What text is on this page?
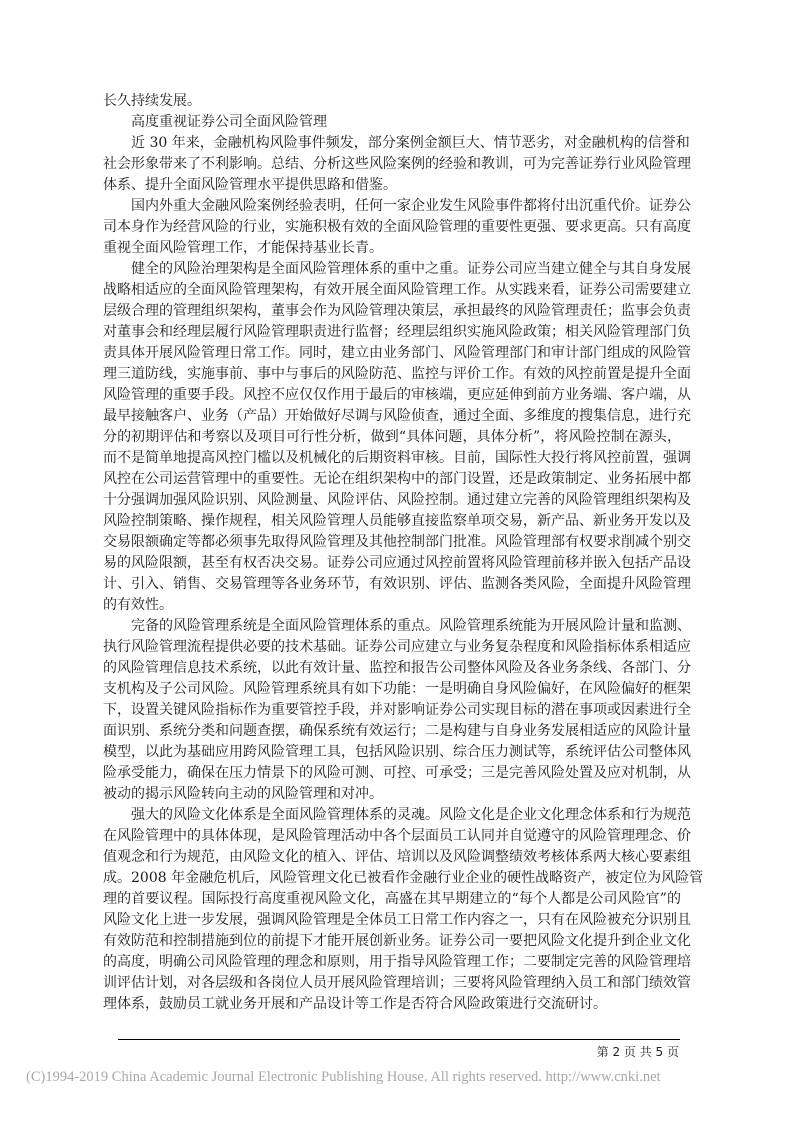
长久持续发展。
高度重视证券公司全面风险管理
近 30 年来，金融机构风险事件频发，部分案例金额巨大、情节恶劣，对金融机构的信誉和
社会形象带来了不利影响。总结、分析这些风险案例的经验和教训，可为完善证券行业风险管理
体系、提升全面风险管理水平提供思路和借鉴。
国内外重大金融风险案例经验表明，任何一家企业发生风险事件都将付出沉重代价。证券公
司本身作为经营风险的行业，实施积极有效的全面风险管理的重要性更强、要求更高。只有高度
重视全面风险管理工作，才能保持基业长青。
健全的风险治理架构是全面风险管理体系的重中之重。证券公司应当建立健全与其自身发展
战略相适应的全面风险管理架构，有效开展全面风险管理工作。从实践来看，证券公司需要建立
层级合理的管理组织架构，董事会作为风险管理决策层，承担最终的风险管理责任；监事会负责
对董事会和经理层履行风险管理职责进行监督；经理层组织实施风险政策；相关风险管理部门负
责具体开展风险管理日常工作。同时，建立由业务部门、风险管理部门和审计部门组成的风险管
理三道防线，实施事前、事中与事后的风险防范、监控与评价工作。有效的风控前置是提升全面
风险管理的重要手段。风控不应仅仅作用于最后的审核端，更应延伸到前方业务端、客户端，从
最早接触客户、业务（产品）开始做好尽调与风险侦查，通过全面、多维度的搜集信息，进行充
分的初期评估和考察以及项目可行性分析，做到“具体问题，具体分析”，将风险控制在源头，
而不是简单地提高风控门槛以及机械化的后期资料审核。目前，国际性大投行将风控前置，强调
风控在公司运营管理中的重要性。无论在组织架构中的部门设置，还是政策制定、业务拓展中都
十分强调加强风险识别、风险测量、风险评估、风险控制。通过建立完善的风险管理组织架构及
风险控制策略、操作规程，相关风险管理人员能够直接监察单项交易，新产品、新业务开发以及
交易限额确定等都必须事先取得风险管理及其他控制部门批准。风险管理部有权要求削减个别交
易的风险限额，甚至有权否决交易。证券公司应通过风控前置将风险管理前移并嵌入包括产品设
计、引入、销售、交易管理等各业务环节，有效识别、评估、监测各类风险，全面提升风险管理
的有效性。
完备的风险管理系统是全面风险管理体系的重点。风险管理系统能为开展风险计量和监测、
执行风险管理流程提供必要的技术基础。证券公司应建立与业务复杂程度和风险指标体系相适应
的风险管理信息技术系统，以此有效计量、监控和报告公司整体风险及各业务条线、各部门、分
支机构及子公司风险。风险管理系统具有如下功能：一是明确自身风险偏好，在风险偏好的框架
下，设置关键风险指标作为重要管控手段，并对影响证券公司实现目标的潜在事项或因素进行全
面识别、系统分类和问题查摆，确保系统有效运行；二是构建与自身业务发展相适应的风险计量
模型，以此为基础应用跨风险管理工具，包括风险识别、综合压力测试等，系统评估公司整体风
险承受能力，确保在压力情景下的风险可测、可控、可承受；三是完善风险处置及应对机制，从
被动的揭示风险转向主动的风险管理和对冲。
强大的风险文化体系是全面风险管理体系的灵魂。风险文化是企业文化理念体系和行为规范
在风险管理中的具体体现，是风险管理活动中各个层面员工认同并自觉遵守的风险管理理念、价
值观念和行为规范，由风险文化的植入、评估、培训以及风险调整绩效考核体系两大核心要素组
成。2008 年金融危机后，风险管理文化已被看作金融行业企业的硬性战略资产，被定位为风险管
理的首要议程。国际投行高度重视风险文化，高盛在其早期建立的“每个人都是公司风险官”的
风险文化上进一步发展，强调风险管理是全体员工日常工作内容之一，只有在风险被充分识别且
有效防范和控制措施到位的前提下才能开展创新业务。证券公司一要把风险文化提升到企业文化
的高度，明确公司风险管理的理念和原则，用于指导风险管理工作；二要制定完善的风险管理培
训评估计划，对各层级和各岗位人员开展风险管理培训；三要将风险管理纳入员工和部门绩效管
理体系，鼓励员工就业务开展和产品设计等工作是否符合风险政策进行交流研讨。
第 2 页 共 5 页
(C)1994-2019 China Academic Journal Electronic Publishing House. All rights reserved. http://www.cnki.net
